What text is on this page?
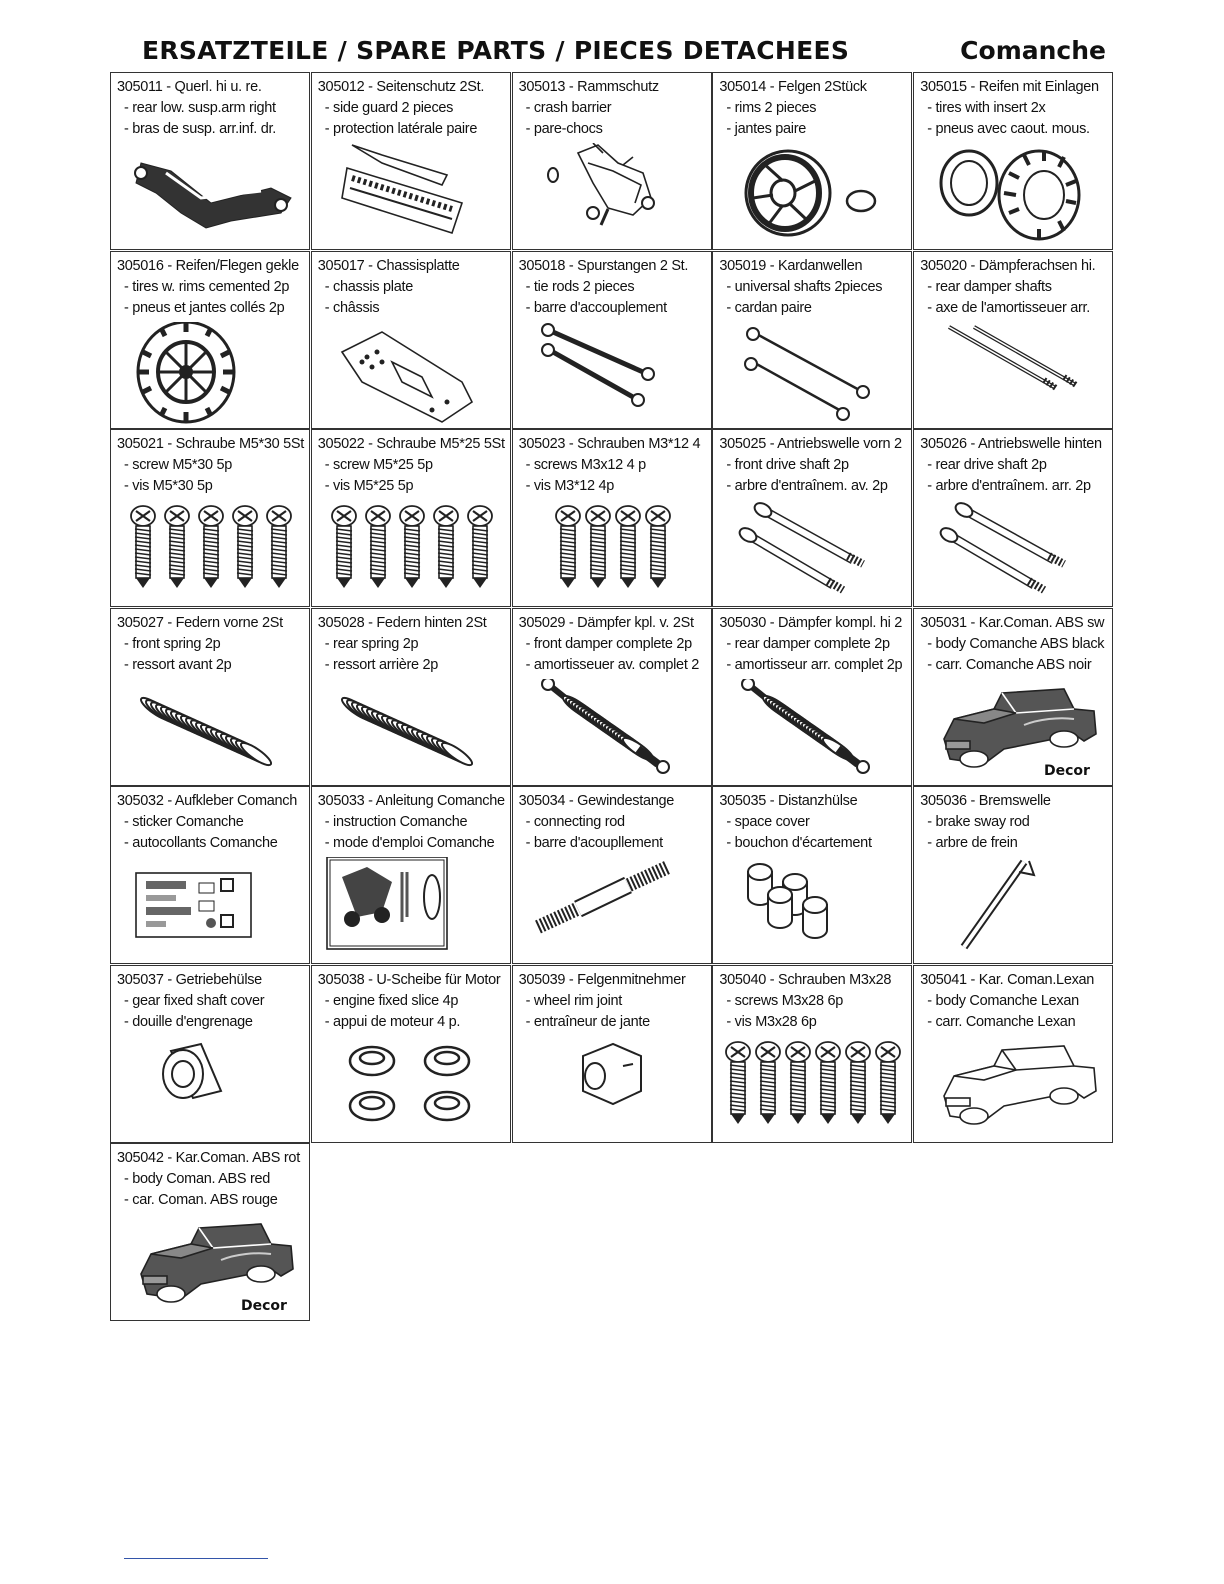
ERSATZTEILE / SPARE PARTS / PIECES DETACHEES	Comanche
305011 - Querl. hi u. re.
- rear low. susp.arm right
- bras de susp. arr.inf. dr.
305012 - Seitenschutz 2St.
- side guard 2 pieces
- protection latérale paire
305013 - Rammschutz
- crash barrier
- pare-chocs
305014 - Felgen 2Stück
- rims 2 pieces
- jantes paire
305015 - Reifen mit Einlagen
- tires with insert 2x
- pneus avec caout. mous.
305016 - Reifen/Flegen gekle
- tires w. rims cemented 2p
- pneus et jantes collés 2p
305017 - Chassisplatte
- chassis plate
- châssis
305018 - Spurstangen 2 St.
- tie rods 2 pieces
- barre d'accouplement
305019 - Kardanwellen
- universal shafts 2pieces
- cardan paire
305020 - Dämpferachsen hi.
- rear damper shafts
- axe de l'amortisseuer arr.
305021 - Schraube M5*30 5St
- screw M5*30 5p
- vis M5*30 5p
305022 - Schraube M5*25 5St
- screw M5*25 5p
- vis M5*25 5p
305023 - Schrauben M3*12 4
- screws M3x12 4 p
- vis M3*12 4p
305025 - Antriebswelle vorn 2
- front drive shaft 2p
- arbre d'entraînem. av. 2p
305026 - Antriebswelle hinten
- rear drive shaft 2p
- arbre d'entraînem. arr. 2p
305027 - Federn vorne 2St
- front spring 2p
- ressort avant 2p
305028 - Federn hinten 2St
- rear spring 2p
- ressort arrière 2p
305029 - Dämpfer kpl. v. 2St
- front damper complete 2p
- amortisseuer av. complet 2
305030 - Dämpfer kompl. hi 2
- rear damper complete 2p
- amortisseur arr. complet 2p
305031 - Kar.Coman. ABS sw
- body Comanche ABS black
- carr. Comanche ABS noir
Decor
305032 - Aufkleber Comanch
- sticker Comanche
- autocollants Comanche
305033 - Anleitung Comanche
- instruction Comanche
- mode d'emploi Comanche
305034 - Gewindestange
- connecting rod
- barre d'acoupllement
305035 - Distanzhülse
- space cover
- bouchon d'écartement
305036 - Bremswelle
- brake sway rod
- arbre de frein
305037 - Getriebehülse
- gear fixed shaft cover
- douille d'engrenage
305038 - U-Scheibe für Motor
- engine fixed slice 4p
- appui de moteur 4 p.
305039 - Felgenmitnehmer
- wheel rim joint
- entraîneur de jante
305040 - Schrauben M3x28
- screws M3x28 6p
- vis M3x28 6p
305041 - Kar. Coman.Lexan
- body Comanche Lexan
- carr. Comanche Lexan
305042 - Kar.Coman. ABS rot
- body Coman. ABS red
- car. Coman. ABS rouge
Decor
